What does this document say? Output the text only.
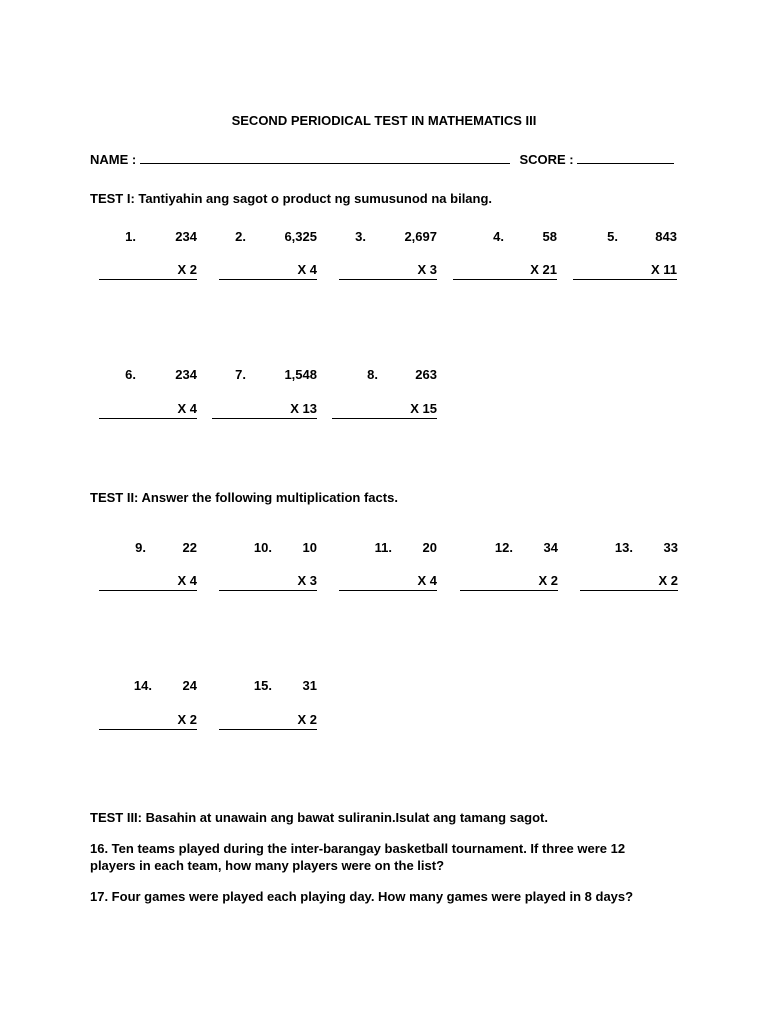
SECOND PERIODICAL TEST IN MATHEMATICS III
NAME :	SCORE :
TEST I: Tantiyahin ang sagot o product ng sumusunod na bilang.
1.	234
X 2
2.	6,325
X 4
3.	2,697
X 3
4.	58
X 21
5.	843
X 11
6.	234
X 4
7.	1,548
X 13
8.	263
X 15
TEST II: Answer the following multiplication facts.
9.	22
X 4
10.	10
X 3
11.	20
X 4
12.	34
X 2
13.	33
X 2
14.	24
X 2
15.	31
X 2
TEST III: Basahin at unawain ang bawat suliranin.Isulat ang tamang sagot.
16. Ten teams played during the inter-barangay basketball tournament. If three were 12 players in each team, how many players were on the list?
17. Four games were played each playing day. How many games were played in 8 days?
